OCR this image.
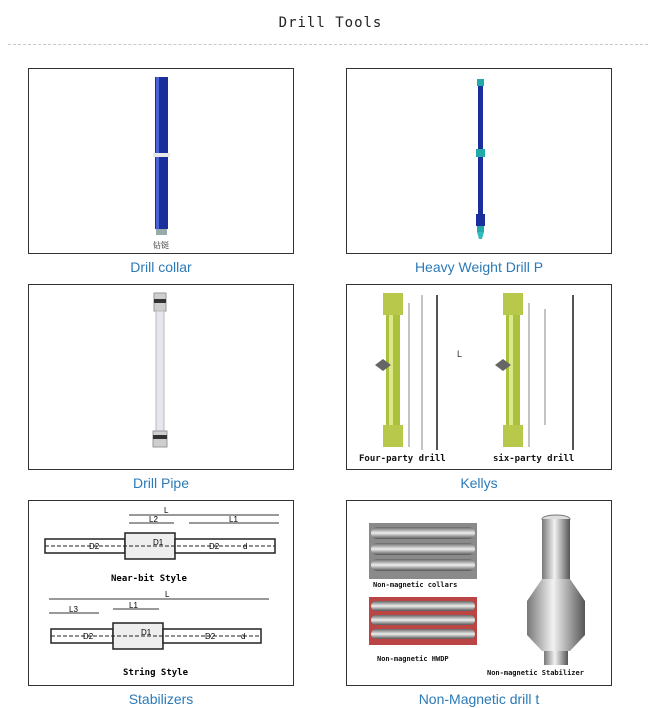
Drill Tools
钻铤
Drill collar	Heavy Weight Drill P
Drill Pipe
L
Four-party drill	six-party drill
Kellys
L
L2	L1
D2	D1	D2	d
Near-bit Style
L
L3	L1
D2	D1	D2	d
String Style
Stabilizers
Non-magnetic collars
Non-magnetic HWDP
Non-magnetic Stabilizer
Non-Magnetic drill t
